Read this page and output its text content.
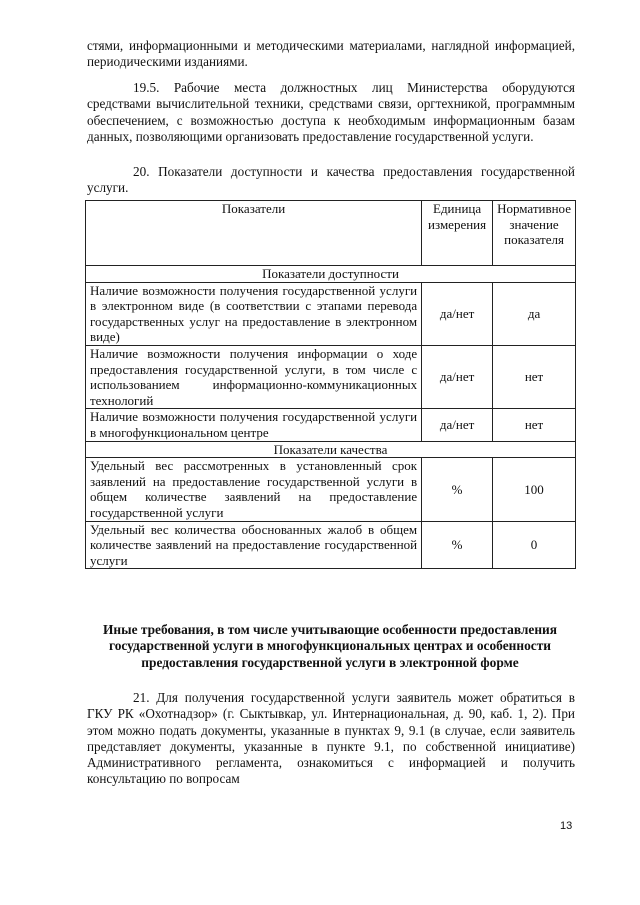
стями, информационными и методическими материалами, наглядной информацией, периодическими изданиями.

19.5. Рабочие места должностных лиц Министерства оборудуются средствами вычислительной техники, средствами связи, оргтехникой, программным обеспечением, с возможностью доступа к необходимым информационным базам данных, позволяющими организовать предоставление государственной услуги.

20. Показатели доступности и качества предоставления государственной услуги.

Показатели	Единица измерения	Нормативное значение показателя
Показатели доступности		
Наличие возможности получения государственной услуги в электронном виде (в соответствии с этапами перевода государственных услуг на предоставление в электронном виде)	да/нет	да
Наличие возможности получения информации о ходе предоставления государственной услуги, в том числе с использованием информационно-коммуникационных технологий	да/нет	нет
Наличие возможности получения государственной услуги в многофункциональном центре	да/нет	нет
Показатели качества		
Удельный вес рассмотренных в установленный срок заявлений на предоставление государственной услуги в общем количестве заявлений на предоставление государственной услуги	%	100
Удельный вес количества обоснованных жалоб в общем количестве заявлений на предоставление государственной услуги	%	0

Иные требования, в том числе учитывающие особенности предоставления государственной услуги в многофункциональных центрах и особенности предоставления государственной услуги в электронной форме

21. Для получения государственной услуги заявитель может обратиться в ГКУ РК «Охотнадзор» (г. Сыктывкар, ул. Интернациональная, д. 90, каб. 1, 2). При этом можно подать документы, указанные в пунктах 9, 9.1 (в случае, если заявитель представляет документы, указанные в пункте 9.1, по собственной инициативе) Административного регламента, ознакомиться с информацией и получить консультацию по вопросам

13
